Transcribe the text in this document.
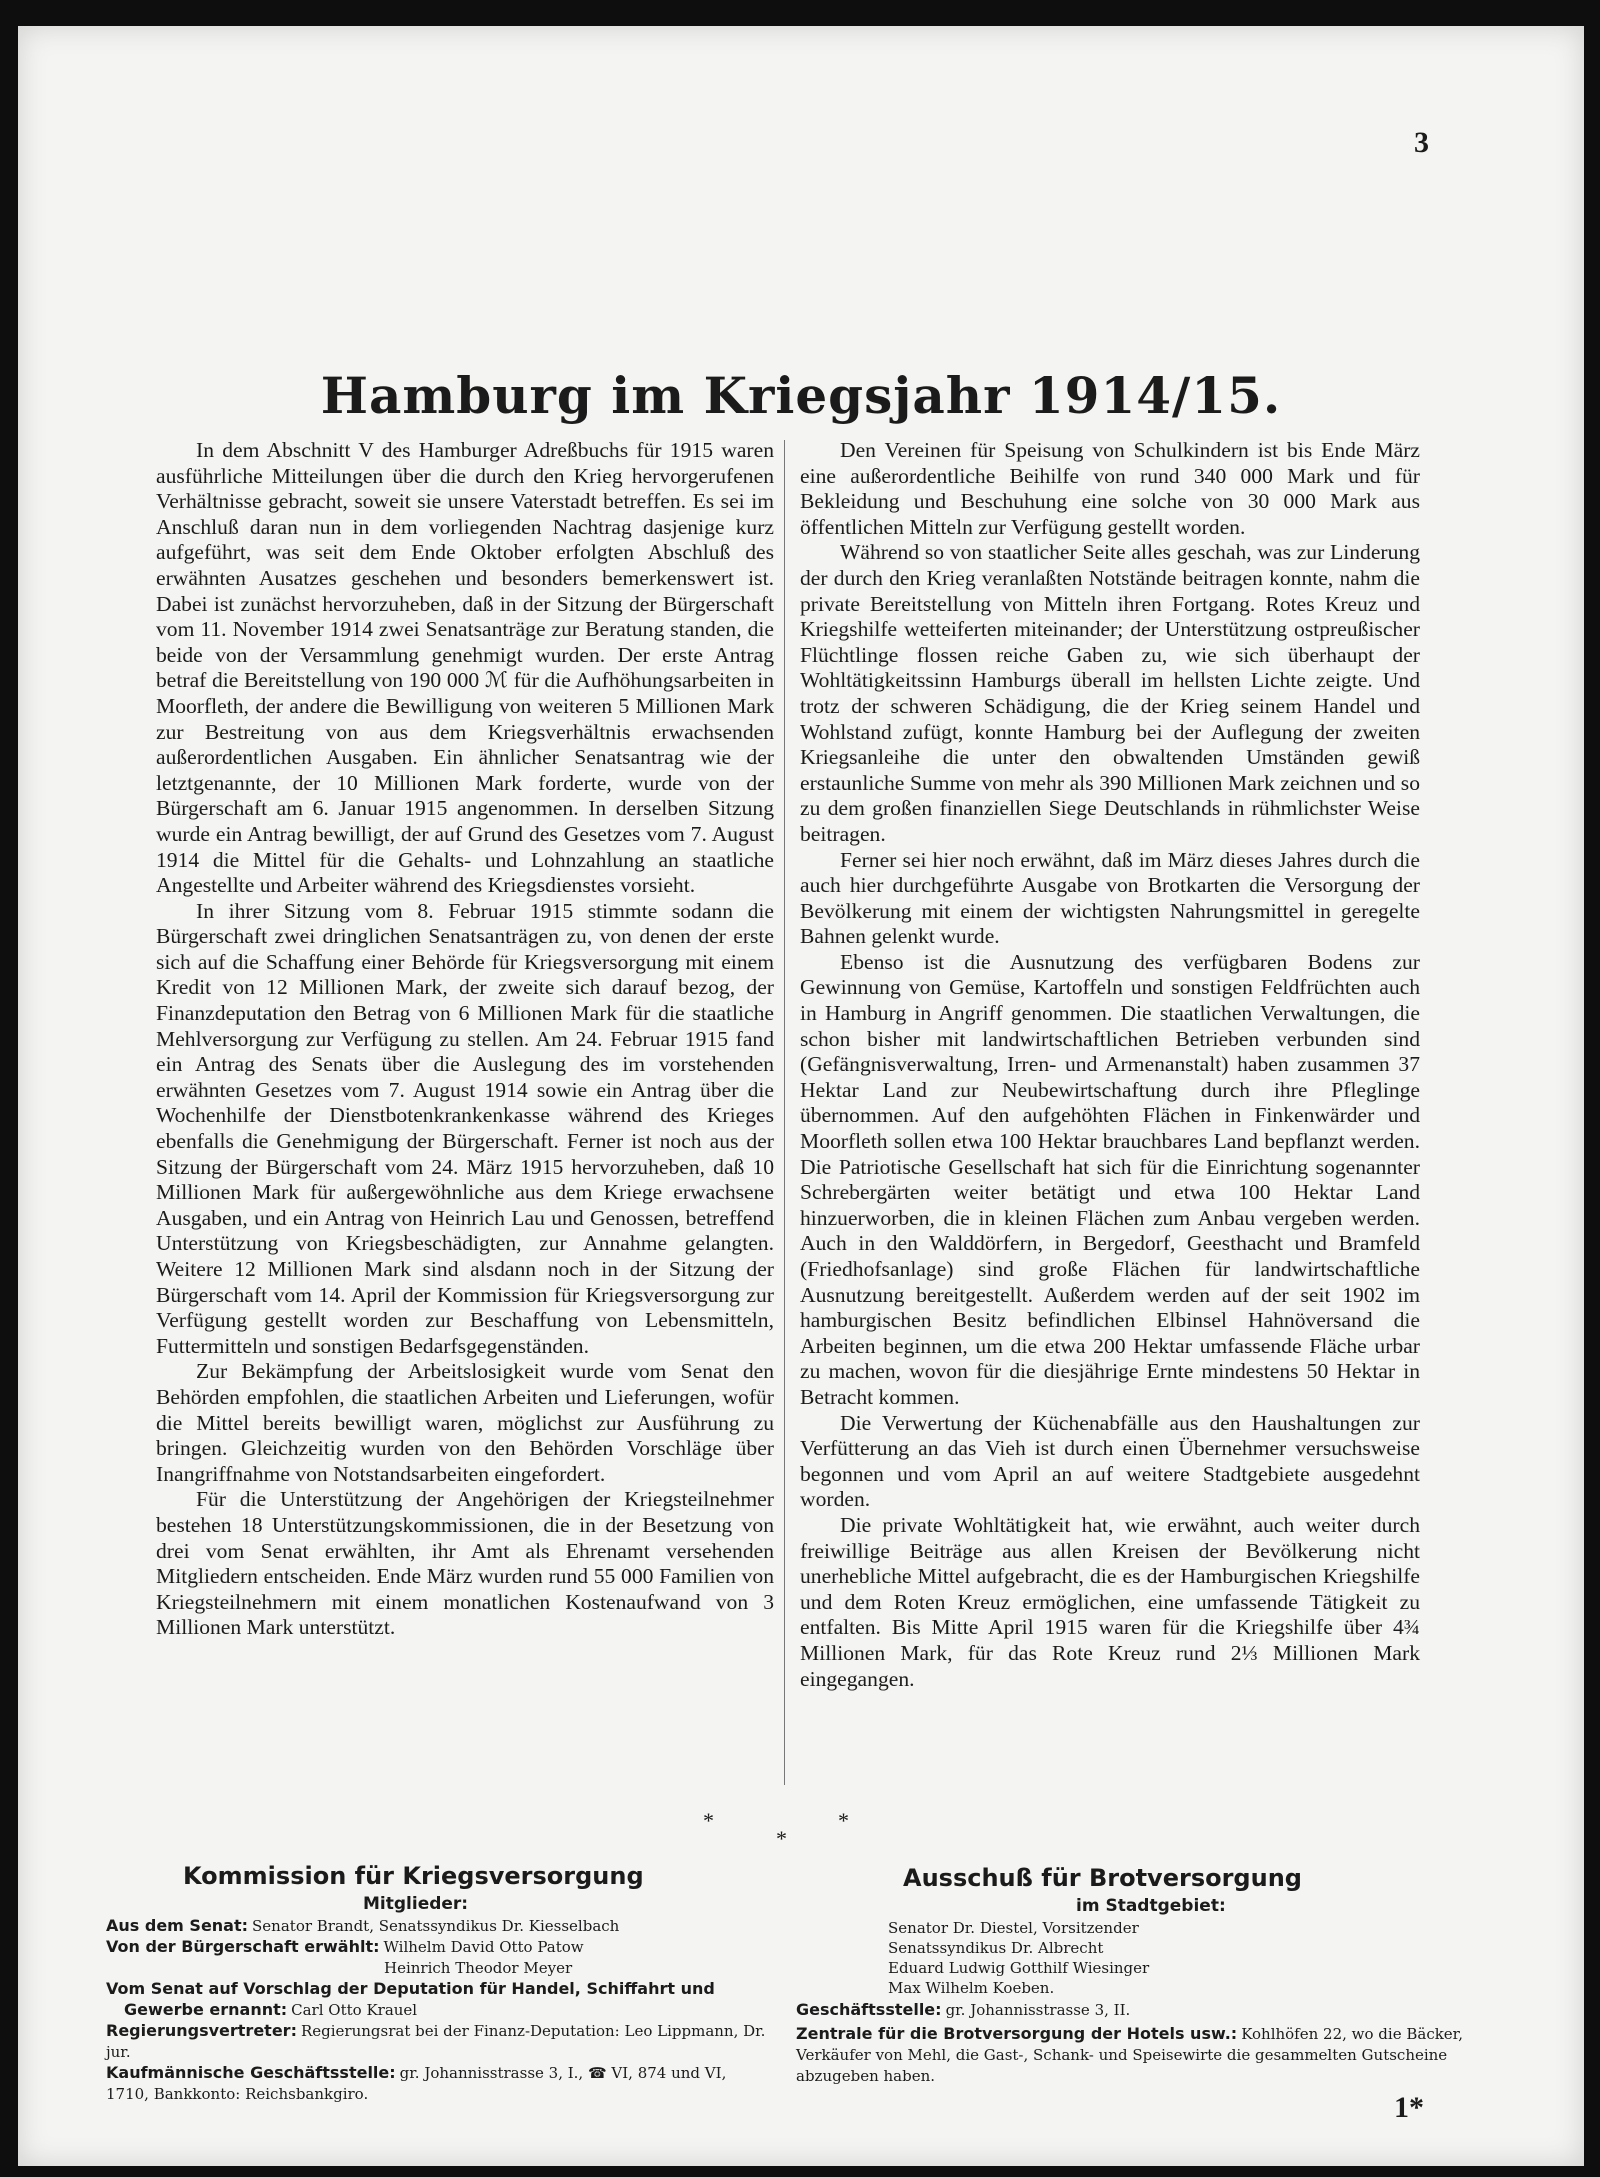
3
Hamburg im Kriegsjahr 1914/15.

In dem Abschnitt V des Hamburger Adreßbuchs für 1915 waren ausführliche Mitteilungen über die durch den Krieg hervorgerufenen Verhältnisse gebracht, soweit sie unsere Vaterstadt betreffen. Es sei im Anschluß daran nun in dem vorliegenden Nachtrag dasjenige kurz aufgeführt, was seit dem Ende Oktober erfolgten Abschluß des erwähnten Ausatzes geschehen und besonders bemerkenswert ist. Dabei ist zunächst hervorzuheben, daß in der Sitzung der Bürgerschaft vom 11. November 1914 zwei Senatsanträge zur Beratung standen, die beide von der Versammlung genehmigt wurden. Der erste Antrag betraf die Bereitstellung von 190 000 ℳ für die Aufhöhungsarbeiten in Moorfleth, der andere die Bewilligung von weiteren 5 Millionen Mark zur Bestreitung von aus dem Kriegsverhältnis erwachsenden außerordentlichen Ausgaben. Ein ähnlicher Senatsantrag wie der letztgenannte, der 10 Millionen Mark forderte, wurde von der Bürgerschaft am 6. Januar 1915 angenommen. In derselben Sitzung wurde ein Antrag bewilligt, der auf Grund des Gesetzes vom 7. August 1914 die Mittel für die Gehalts- und Lohnzahlung an staatliche Angestellte und Arbeiter während des Kriegsdienstes vorsieht.

In ihrer Sitzung vom 8. Februar 1915 stimmte sodann die Bürgerschaft zwei dringlichen Senatsanträgen zu, von denen der erste sich auf die Schaffung einer Behörde für Kriegsversorgung mit einem Kredit von 12 Millionen Mark, der zweite sich darauf bezog, der Finanzdeputation den Betrag von 6 Millionen Mark für die staatliche Mehlversorgung zur Verfügung zu stellen. Am 24. Februar 1915 fand ein Antrag des Senats über die Auslegung des im vorstehenden erwähnten Gesetzes vom 7. August 1914 sowie ein Antrag über die Wochenhilfe der Dienstbotenkrankenkasse während des Krieges ebenfalls die Genehmigung der Bürgerschaft. Ferner ist noch aus der Sitzung der Bürgerschaft vom 24. März 1915 hervorzuheben, daß 10 Millionen Mark für außergewöhnliche aus dem Kriege erwachsene Ausgaben, und ein Antrag von Heinrich Lau und Genossen, betreffend Unterstützung von Kriegsbeschädigten, zur Annahme gelangten. Weitere 12 Millionen Mark sind alsdann noch in der Sitzung der Bürgerschaft vom 14. April der Kommission für Kriegsversorgung zur Verfügung gestellt worden zur Beschaffung von Lebensmitteln, Futtermitteln und sonstigen Bedarfsgegenständen.

Zur Bekämpfung der Arbeitslosigkeit wurde vom Senat den Behörden empfohlen, die staatlichen Arbeiten und Lieferungen, wofür die Mittel bereits bewilligt waren, möglichst zur Ausführung zu bringen. Gleichzeitig wurden von den Behörden Vorschläge über Inangriffnahme von Notstandsarbeiten eingefordert.

Für die Unterstützung der Angehörigen der Kriegsteilnehmer bestehen 18 Unterstützungskommissionen, die in der Besetzung von drei vom Senat erwählten, ihr Amt als Ehrenamt versehenden Mitgliedern entscheiden. Ende März wurden rund 55 000 Familien von Kriegsteilnehmern mit einem monatlichen Kostenaufwand von 3 Millionen Mark unterstützt.

Den Vereinen für Speisung von Schulkindern ist bis Ende März eine außerordentliche Beihilfe von rund 340 000 Mark und für Bekleidung und Beschuhung eine solche von 30 000 Mark aus öffentlichen Mitteln zur Verfügung gestellt worden.

Während so von staatlicher Seite alles geschah, was zur Linderung der durch den Krieg veranlaßten Notstände beitragen konnte, nahm die private Bereitstellung von Mitteln ihren Fortgang. Rotes Kreuz und Kriegshilfe wetteiferten miteinander; der Unterstützung ostpreußischer Flüchtlinge flossen reiche Gaben zu, wie sich überhaupt der Wohltätigkeitssinn Hamburgs überall im hellsten Lichte zeigte. Und trotz der schweren Schädigung, die der Krieg seinem Handel und Wohlstand zufügt, konnte Hamburg bei der Auflegung der zweiten Kriegsanleihe die unter den obwaltenden Umständen gewiß erstaunliche Summe von mehr als 390 Millionen Mark zeichnen und so zu dem großen finanziellen Siege Deutschlands in rühmlichster Weise beitragen.

Ferner sei hier noch erwähnt, daß im März dieses Jahres durch die auch hier durchgeführte Ausgabe von Brotkarten die Versorgung der Bevölkerung mit einem der wichtigsten Nahrungsmittel in geregelte Bahnen gelenkt wurde.

Ebenso ist die Ausnutzung des verfügbaren Bodens zur Gewinnung von Gemüse, Kartoffeln und sonstigen Feldfrüchten auch in Hamburg in Angriff genommen. Die staatlichen Verwaltungen, die schon bisher mit landwirtschaftlichen Betrieben verbunden sind (Gefängnisverwaltung, Irren- und Armenanstalt) haben zusammen 37 Hektar Land zur Neubewirtschaftung durch ihre Pfleglinge übernommen. Auf den aufgehöhten Flächen in Finkenwärder und Moorfleth sollen etwa 100 Hektar brauchbares Land bepflanzt werden. Die Patriotische Gesellschaft hat sich für die Einrichtung sogenannter Schrebergärten weiter betätigt und etwa 100 Hektar Land hinzuerworben, die in kleinen Flächen zum Anbau vergeben werden. Auch in den Walddörfern, in Bergedorf, Geesthacht und Bramfeld (Friedhofsanlage) sind große Flächen für landwirtschaftliche Ausnutzung bereitgestellt. Außerdem werden auf der seit 1902 im hamburgischen Besitz befindlichen Elbinsel Hahnöversand die Arbeiten beginnen, um die etwa 200 Hektar umfassende Fläche urbar zu machen, wovon für die diesjährige Ernte mindestens 50 Hektar in Betracht kommen.

Die Verwertung der Küchenabfälle aus den Haushaltungen zur Verfütterung an das Vieh ist durch einen Übernehmer versuchsweise begonnen und vom April an auf weitere Stadtgebiete ausgedehnt worden.

Die private Wohltätigkeit hat, wie erwähnt, auch weiter durch freiwillige Beiträge aus allen Kreisen der Bevölkerung nicht unerhebliche Mittel aufgebracht, die es der Hamburgischen Kriegshilfe und dem Roten Kreuz ermöglichen, eine umfassende Tätigkeit zu entfalten. Bis Mitte April 1915 waren für die Kriegshilfe über 4¾ Millionen Mark, für das Rote Kreuz rund 2⅓ Millionen Mark eingegangen.

*
*
*
Kommission für Kriegsversorgung
Mitglieder:
Aus dem Senat: Senator Brandt, Senatssyndikus Dr. Kiesselbach
Von der Bürgerschaft erwählt: Wilhelm David Otto Patow
Heinrich Theodor Meyer
Vom Senat auf Vorschlag der Deputation für Handel, Schiffahrt und
Gewerbe ernannt: Carl Otto Krauel
Regierungsvertreter: Regierungsrat bei der Finanz-Deputation: Leo Lippmann, Dr. jur.
Kaufmännische Geschäftsstelle: gr. Johannisstrasse 3, I., ☎ VI, 874 und VI, 1710, Bankkonto: Reichsbankgiro.
Ausschuß für Brotversorgung
im Stadtgebiet:
Senator Dr. Diestel, Vorsitzender
Senatssyndikus Dr. Albrecht
Eduard Ludwig Gotthilf Wiesinger
Max Wilhelm Koeben.
Geschäftsstelle: gr. Johannisstrasse 3, II.
Zentrale für die Brotversorgung der Hotels usw.: Kohlhöfen 22, wo die Bäcker, Verkäufer von Mehl, die Gast-, Schank- und Speisewirte die gesammelten Gutscheine abzugeben haben.
1*
